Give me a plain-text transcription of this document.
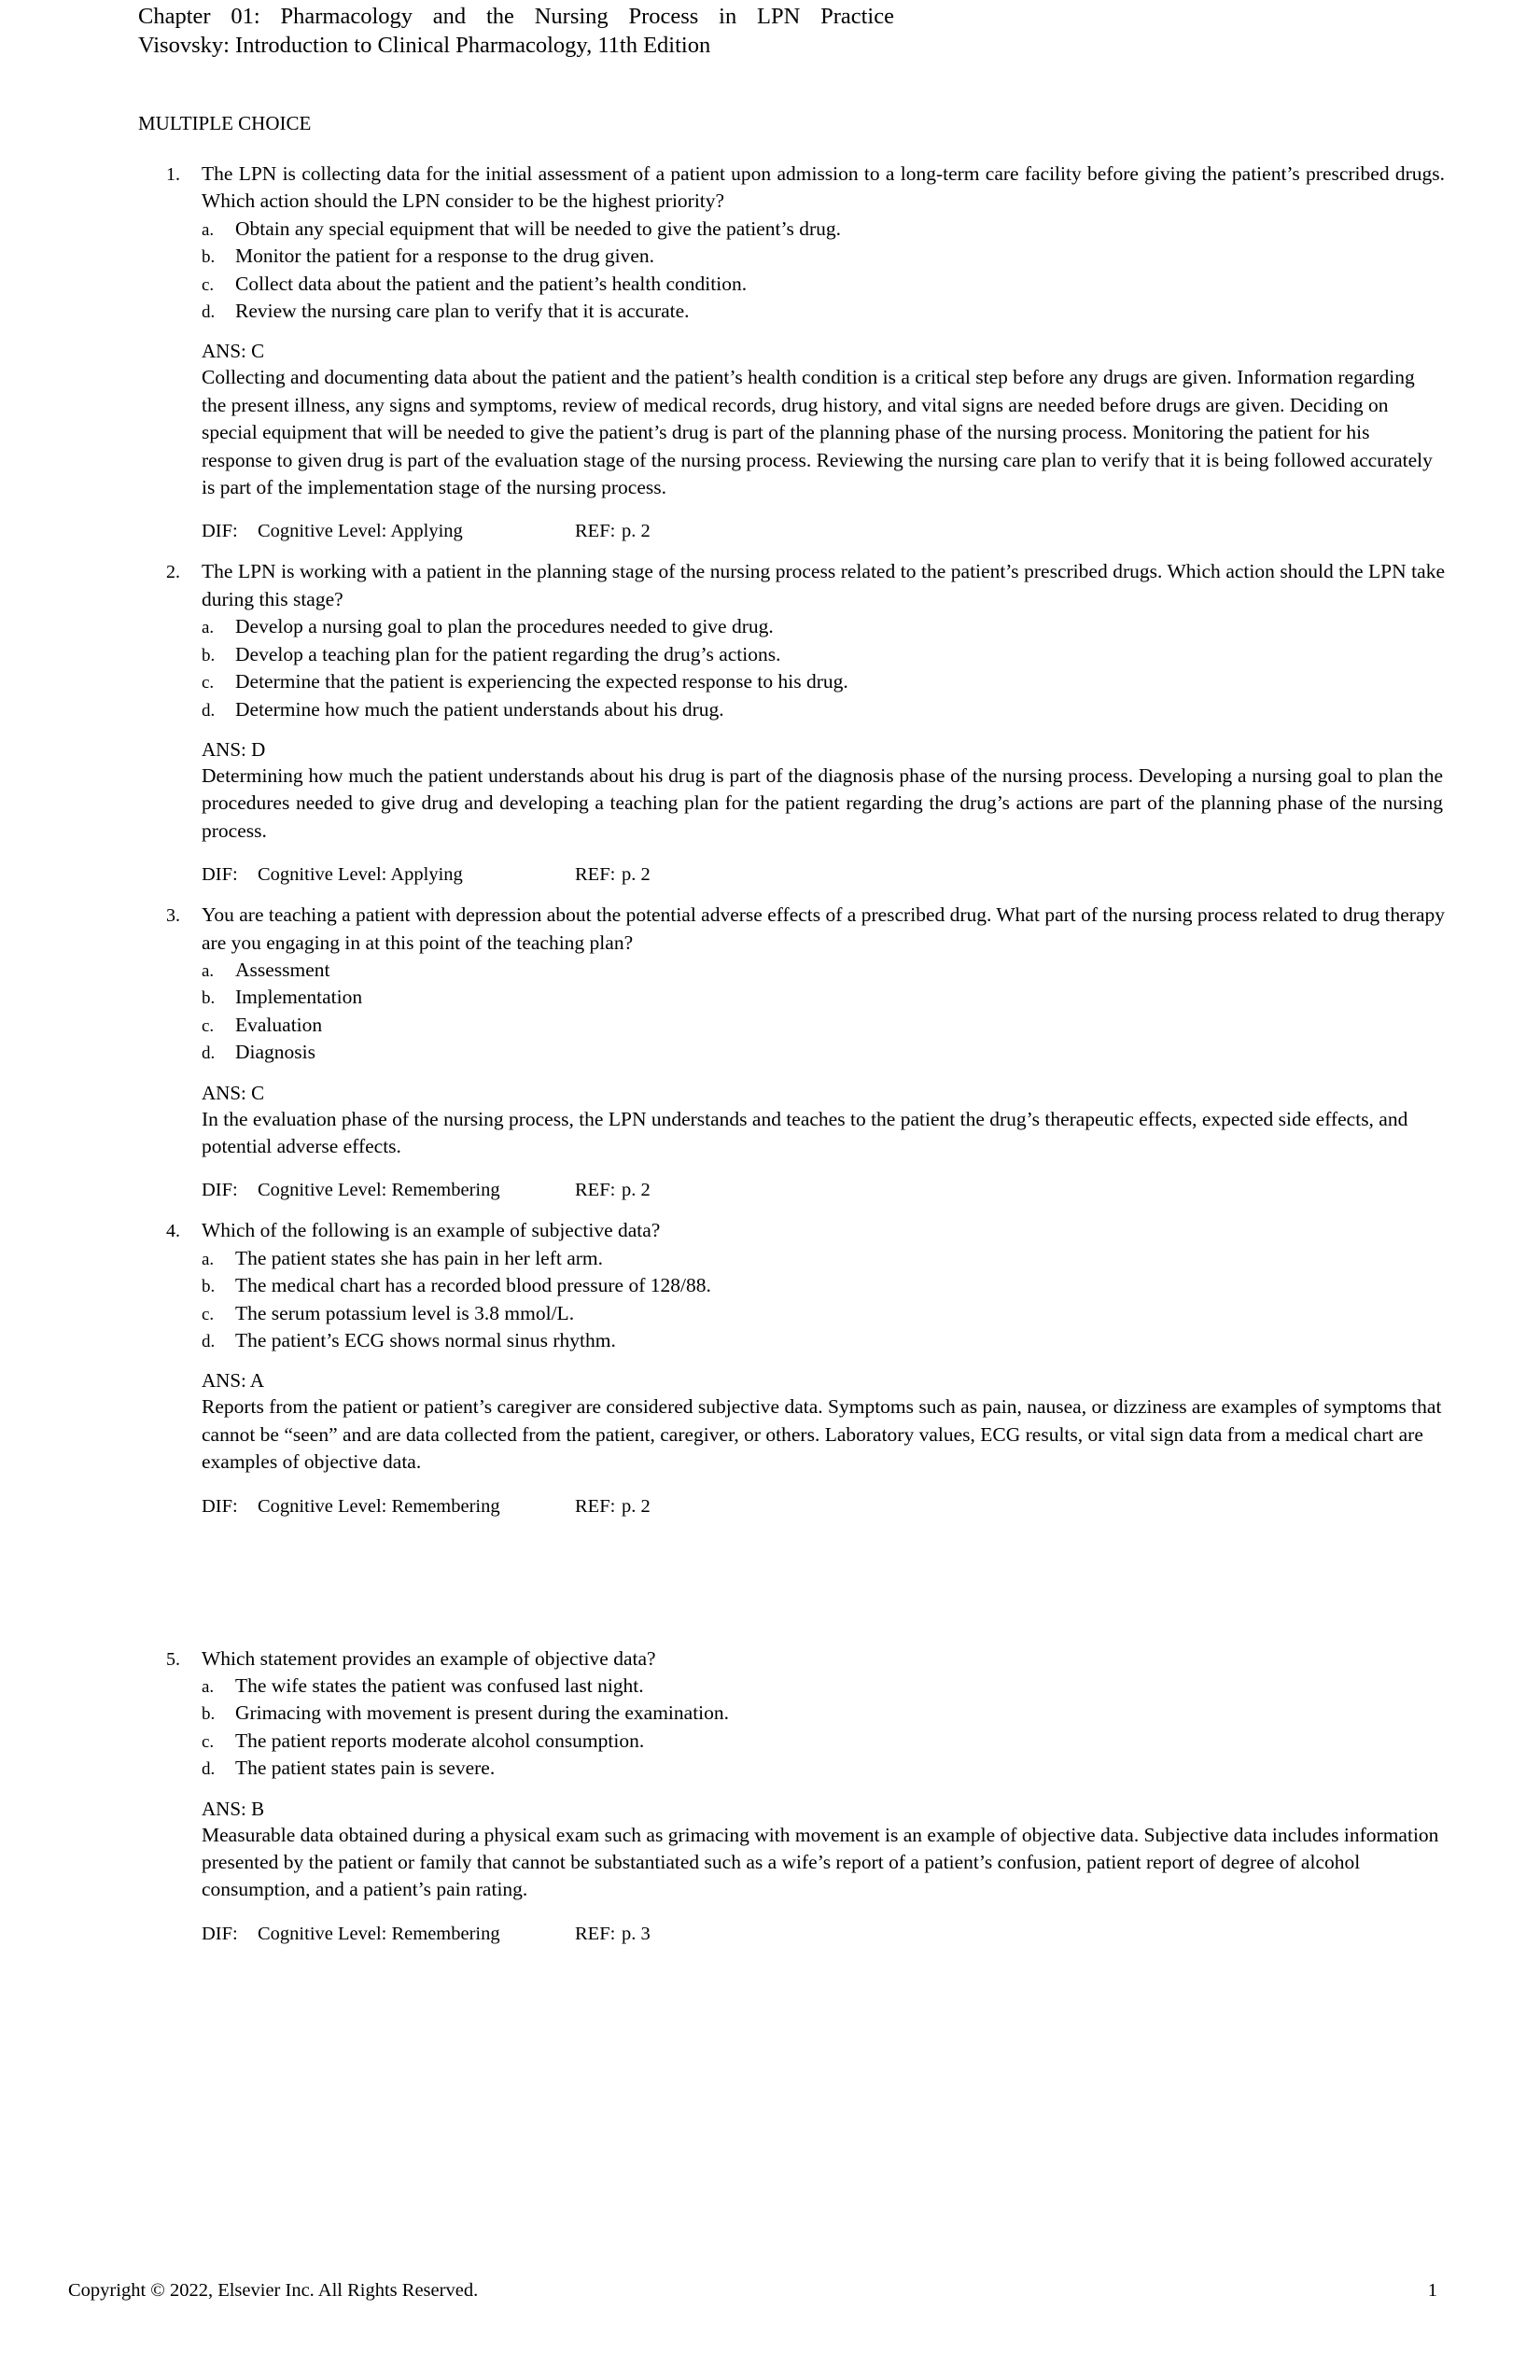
Chapter 01: Pharmacology and the Nursing Process in LPN Practice
Visovsky: Introduction to Clinical Pharmacology, 11th Edition
MULTIPLE CHOICE
1. The LPN is collecting data for the initial assessment of a patient upon admission to a long-term care facility before giving the patient’s prescribed drugs. Which action should the LPN consider to be the highest priority?
a. Obtain any special equipment that will be needed to give the patient’s drug.
b. Monitor the patient for a response to the drug given.
c. Collect data about the patient and the patient’s health condition.
d. Review the nursing care plan to verify that it is accurate.
ANS: C
Collecting and documenting data about the patient and the patient’s health condition is a critical step before any drugs are given. Information regarding the present illness, any signs and symptoms, review of medical records, drug history, and vital signs are needed before drugs are given. Deciding on special equipment that will be needed to give the patient’s drug is part of the planning phase of the nursing process. Monitoring the patient for his response to given drug is part of the evaluation stage of the nursing process. Reviewing the nursing care plan to verify that it is being followed accurately is part of the implementation stage of the nursing process.
DIF: Cognitive Level: Applying	REF: p. 2
2. The LPN is working with a patient in the planning stage of the nursing process related to the patient’s prescribed drugs. Which action should the LPN take during this stage?
a. Develop a nursing goal to plan the procedures needed to give drug.
b. Develop a teaching plan for the patient regarding the drug’s actions.
c. Determine that the patient is experiencing the expected response to his drug.
d. Determine how much the patient understands about his drug.
ANS: D
Determining how much the patient understands about his drug is part of the diagnosis phase of the nursing process. Developing a nursing goal to plan the procedures needed to give drug and developing a teaching plan for the patient regarding the drug’s actions are part of the planning phase of the nursing process.
DIF: Cognitive Level: Applying	REF: p. 2
3. You are teaching a patient with depression about the potential adverse effects of a prescribed drug. What part of the nursing process related to drug therapy are you engaging in at this point of the teaching plan?
a. Assessment
b. Implementation
c. Evaluation
d. Diagnosis
ANS: C
In the evaluation phase of the nursing process, the LPN understands and teaches to the patient the drug’s therapeutic effects, expected side effects, and potential adverse effects.
DIF: Cognitive Level: Remembering	REF: p. 2
4. Which of the following is an example of subjective data?
a. The patient states she has pain in her left arm.
b. The medical chart has a recorded blood pressure of 128/88.
c. The serum potassium level is 3.8 mmol/L.
d. The patient’s ECG shows normal sinus rhythm.
ANS: A
Reports from the patient or patient’s caregiver are considered subjective data. Symptoms such as pain, nausea, or dizziness are examples of symptoms that cannot be “seen” and are data collected from the patient, caregiver, or others. Laboratory values, ECG results, or vital sign data from a medical chart are examples of objective data.
DIF: Cognitive Level: Remembering	REF: p. 2
5. Which statement provides an example of objective data?
a. The wife states the patient was confused last night.
b. Grimacing with movement is present during the examination.
c. The patient reports moderate alcohol consumption.
d. The patient states pain is severe.
ANS: B
Measurable data obtained during a physical exam such as grimacing with movement is an example of objective data. Subjective data includes information presented by the patient or family that cannot be substantiated such as a wife’s report of a patient’s confusion, patient report of degree of alcohol consumption, and a patient’s pain rating.
DIF: Cognitive Level: Remembering	REF: p. 3
Copyright © 2022, Elsevier Inc. All Rights Reserved.	1
